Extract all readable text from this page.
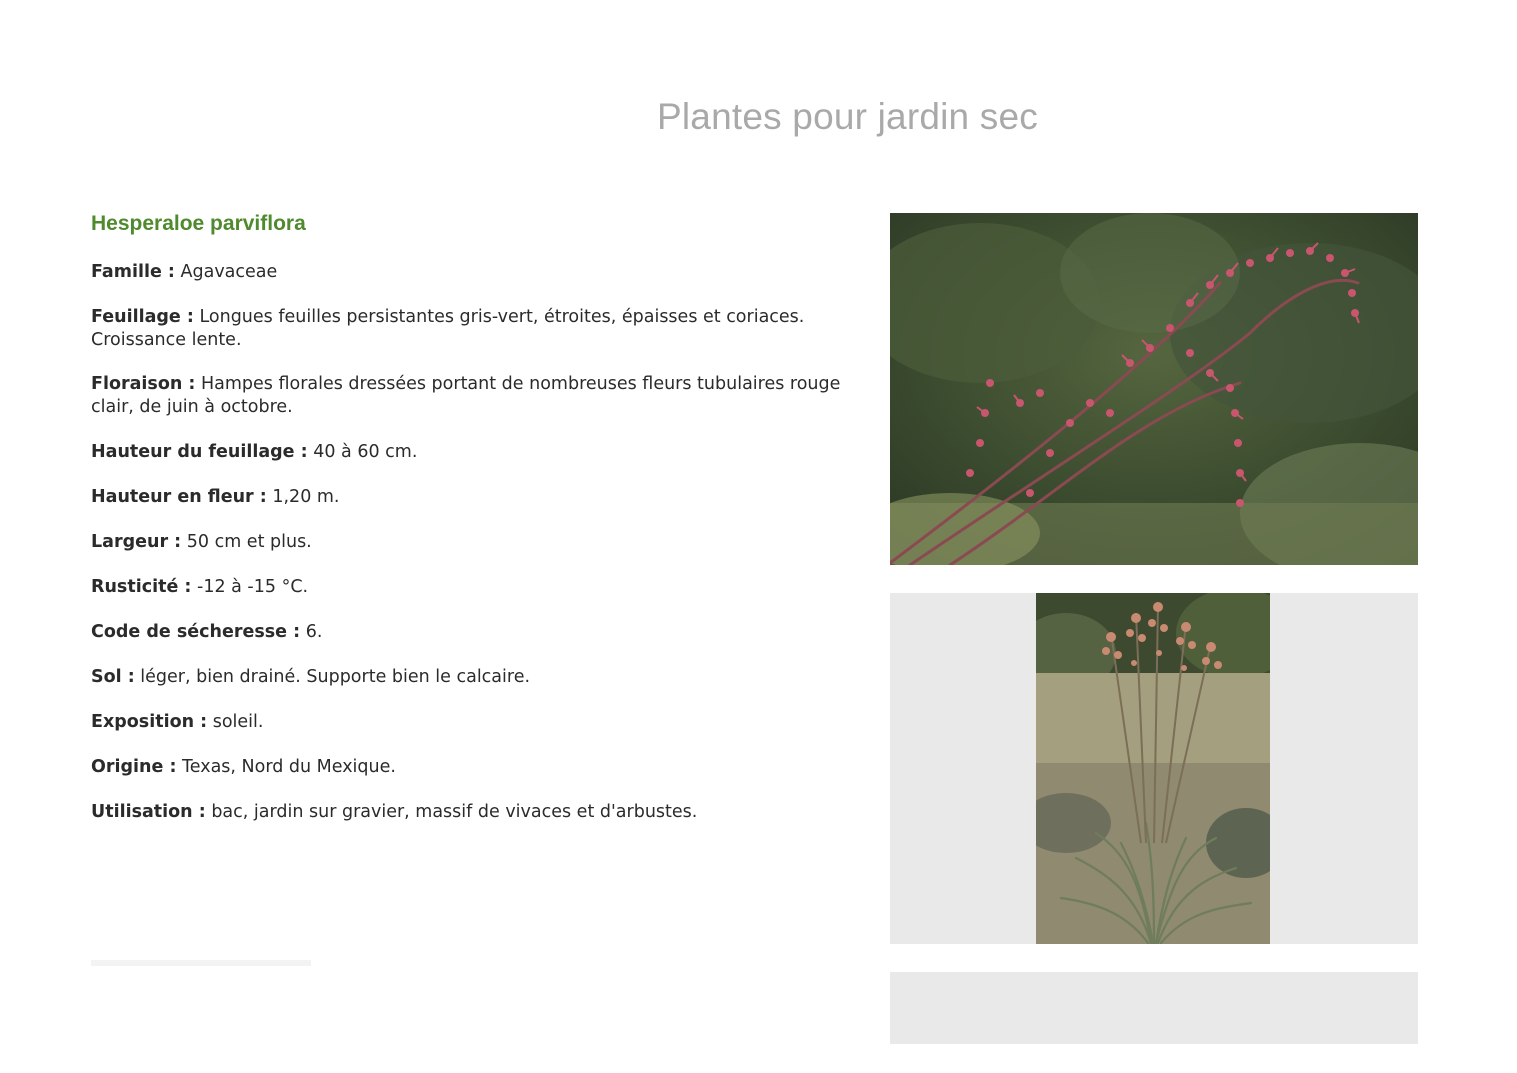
Plantes pour jardin sec
Hesperaloe parviflora

Famille : Agavaceae

Feuillage : Longues feuilles persistantes gris-vert, étroites, épaisses et coriaces. Croissance lente.

Floraison : Hampes florales dressées portant de nombreuses fleurs tubulaires rouge clair, de juin à octobre.

Hauteur du feuillage : 40 à 60 cm.

Hauteur en fleur : 1,20 m.

Largeur : 50 cm et plus.

Rusticité : -12 à -15 °C.

Code de sécheresse : 6.

Sol : léger, bien drainé. Supporte bien le calcaire.

Exposition : soleil.

Origine : Texas, Nord du Mexique.

Utilisation : bac, jardin sur gravier, massif de vivaces et d'arbustes.
